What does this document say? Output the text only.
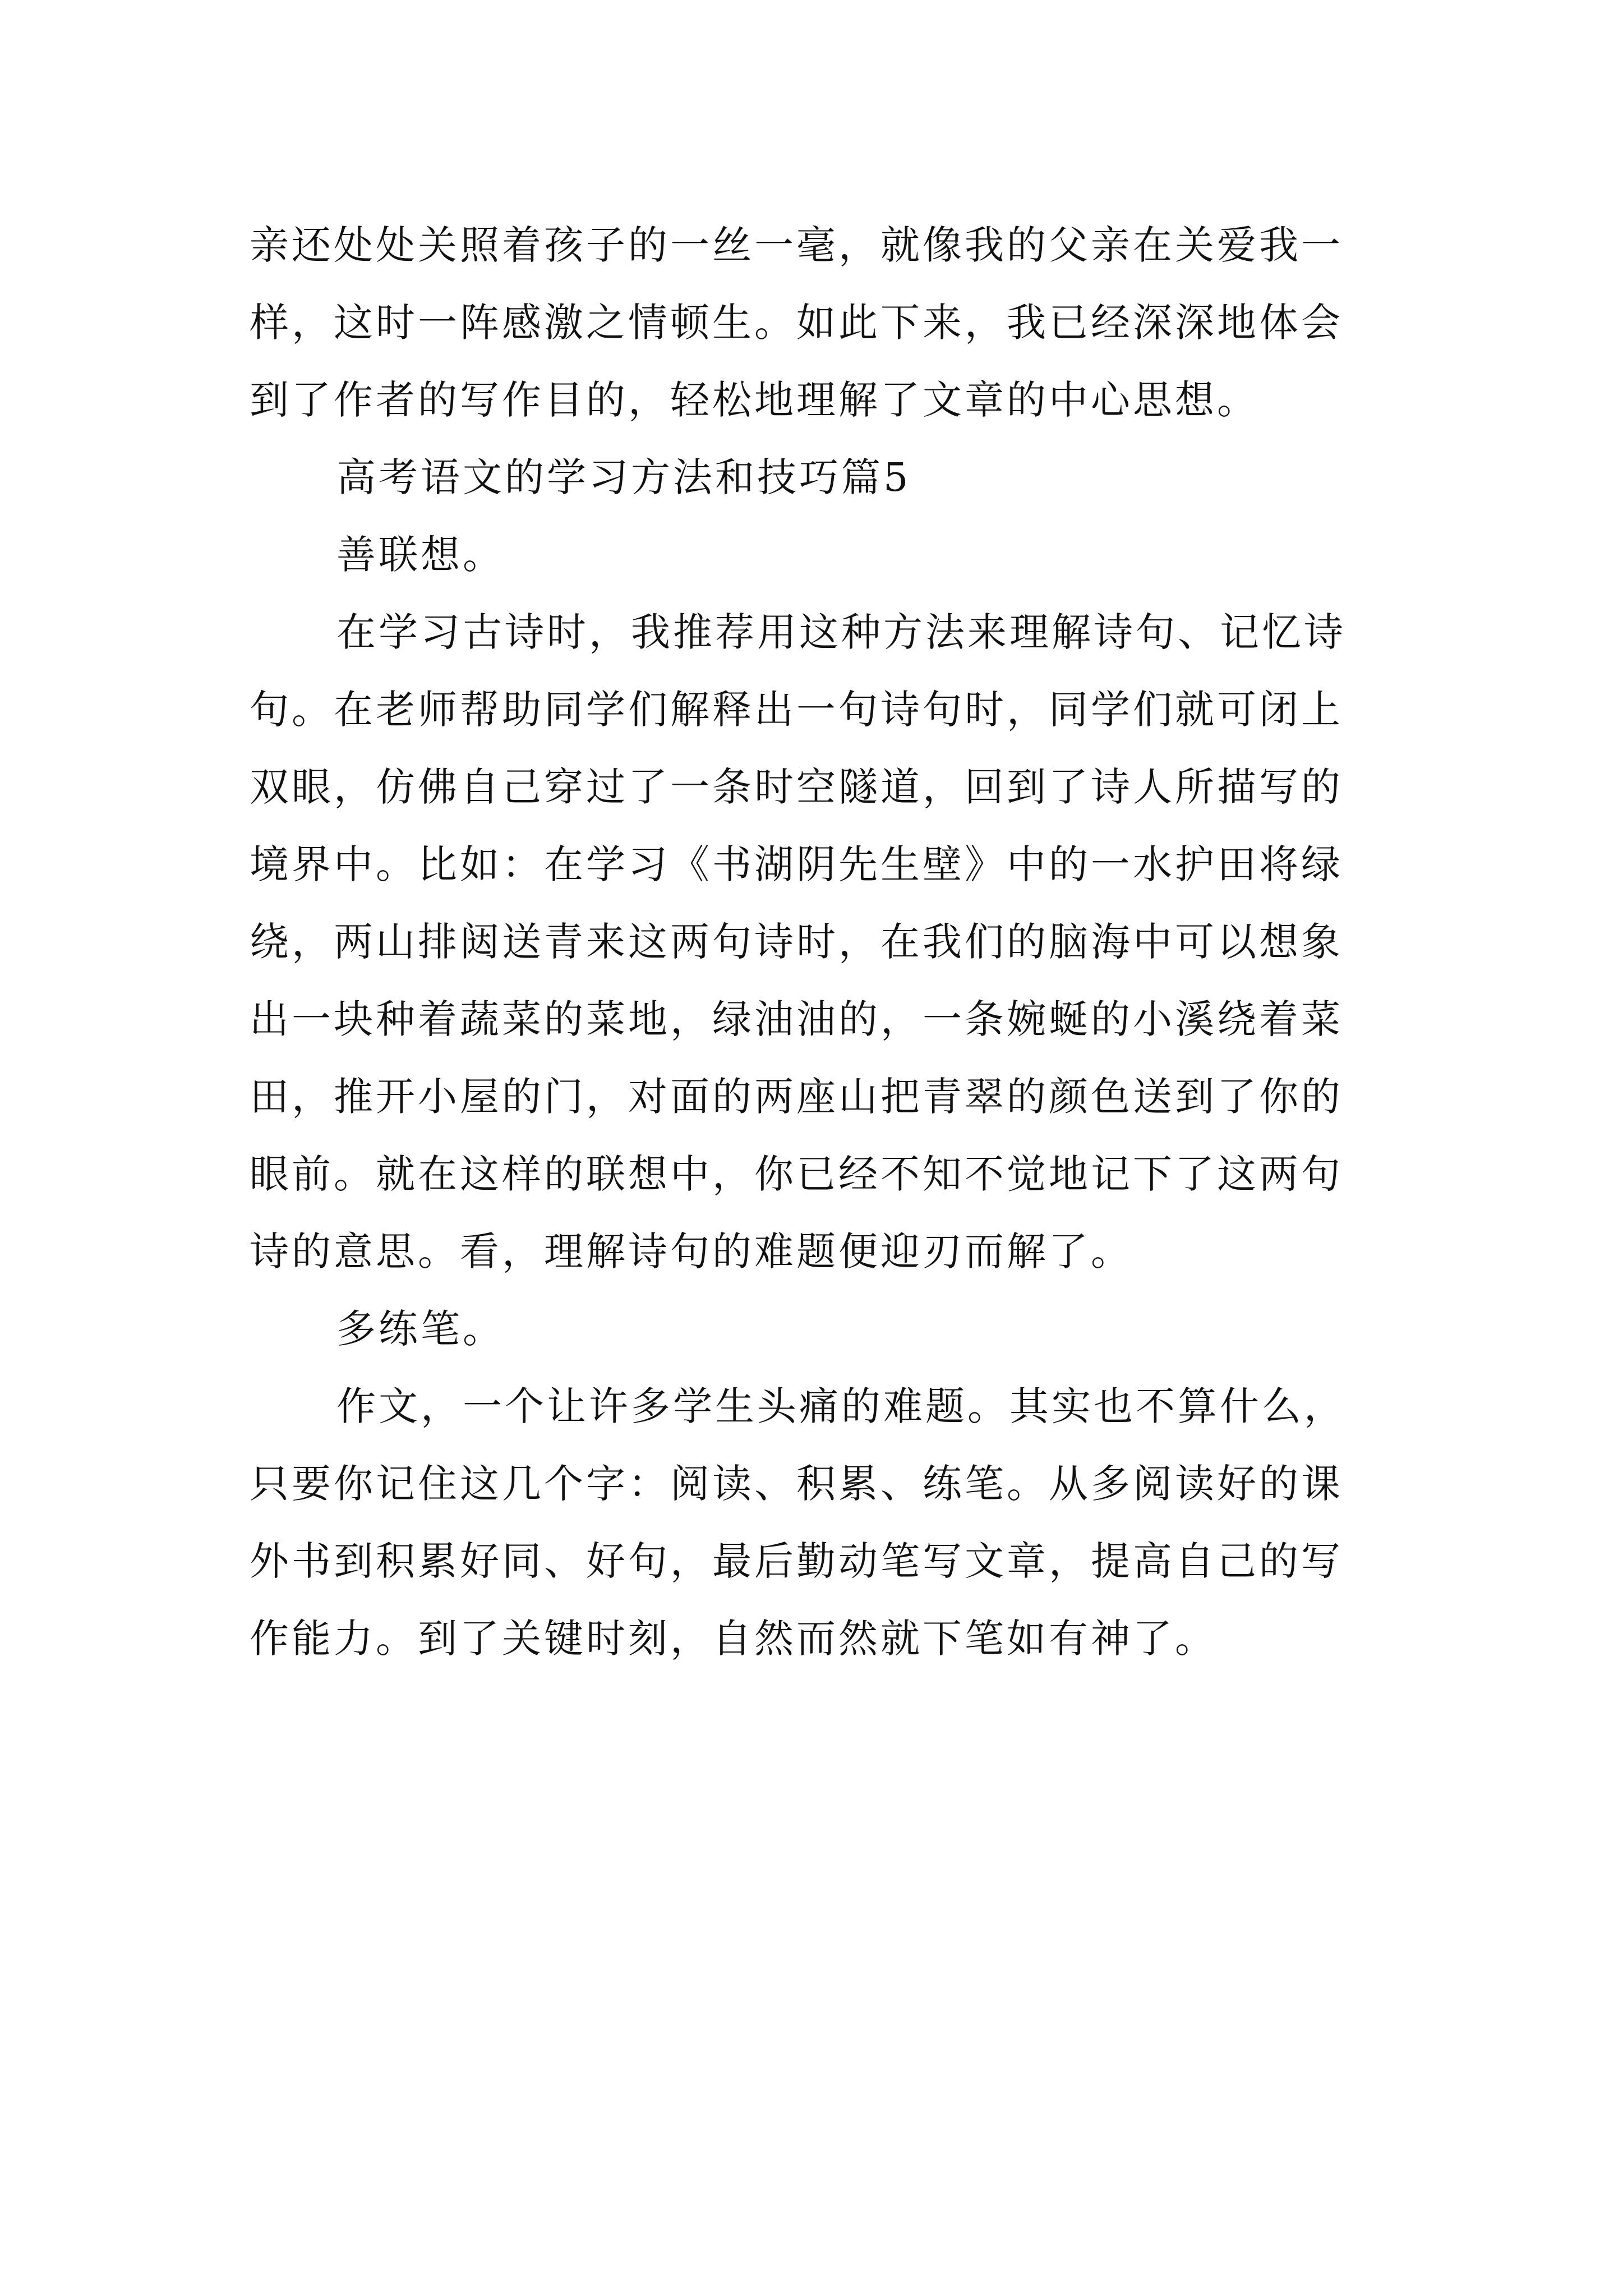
亲还处处关照着孩子的一丝一毫，就像我的父亲在关爱我一

样，这时一阵感激之情顿生。如此下来，我已经深深地体会

到了作者的写作目的，轻松地理解了文章的中心思想。

高考语文的学习方法和技巧篇5

善联想。

在学习古诗时，我推荐用这种方法来理解诗句、记忆诗

句。在老师帮助同学们解释出一句诗句时，同学们就可闭上

双眼，仿佛自己穿过了一条时空隧道，回到了诗人所描写的

境界中。比如：在学习《书湖阴先生壁》中的一水护田将绿

绕，两山排闼送青来这两句诗时，在我们的脑海中可以想象

出一块种着蔬菜的菜地，绿油油的，一条婉蜒的小溪绕着菜

田，推开小屋的门，对面的两座山把青翠的颜色送到了你的

眼前。就在这样的联想中，你已经不知不觉地记下了这两句

诗的意思。看，理解诗句的难题便迎刃而解了。

多练笔。

作文，一个让许多学生头痛的难题。其实也不算什么，

只要你记住这几个字：阅读、积累、练笔。从多阅读好的课

外书到积累好同、好句，最后勤动笔写文章，提高自己的写

作能力。到了关键时刻，自然而然就下笔如有神了。
